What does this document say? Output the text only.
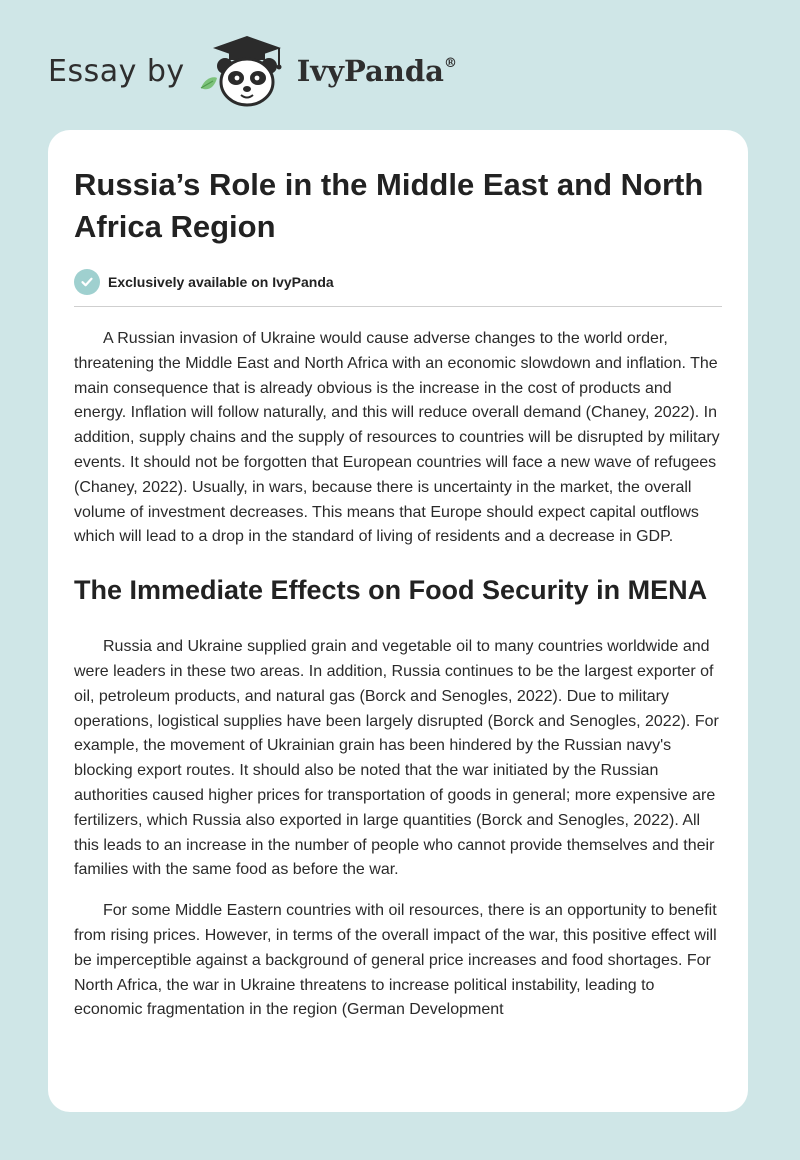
Essay by	IvyPanda®
Russia’s Role in the Middle East and North Africa Region
Exclusively available on IvyPanda

A Russian invasion of Ukraine would cause adverse changes to the world order, threatening the Middle East and North Africa with an economic slowdown and inflation. The main consequence that is already obvious is the increase in the cost of products and energy. Inflation will follow naturally, and this will reduce overall demand (Chaney, 2022). In addition, supply chains and the supply of resources to countries will be disrupted by military events. It should not be forgotten that European countries will face a new wave of refugees (Chaney, 2022). Usually, in wars, because there is uncertainty in the market, the overall volume of investment decreases. This means that Europe should expect capital outflows which will lead to a drop in the standard of living of residents and a decrease in GDP.

The Immediate Effects on Food Security in MENA

Russia and Ukraine supplied grain and vegetable oil to many countries worldwide and were leaders in these two areas. In addition, Russia continues to be the largest exporter of oil, petroleum products, and natural gas (Borck and Senogles, 2022). Due to military operations, logistical supplies have been largely disrupted (Borck and Senogles, 2022). For example, the movement of Ukrainian grain has been hindered by the Russian navy's blocking export routes. It should also be noted that the war initiated by the Russian authorities caused higher prices for transportation of goods in general; more expensive are fertilizers, which Russia also exported in large quantities (Borck and Senogles, 2022). All this leads to an increase in the number of people who cannot provide themselves and their families with the same food as before the war.

For some Middle Eastern countries with oil resources, there is an opportunity to benefit from rising prices. However, in terms of the overall impact of the war, this positive effect will be imperceptible against a background of general price increases and food shortages. For North Africa, the war in Ukraine threatens to increase political instability, leading to economic fragmentation in the region (German Development
